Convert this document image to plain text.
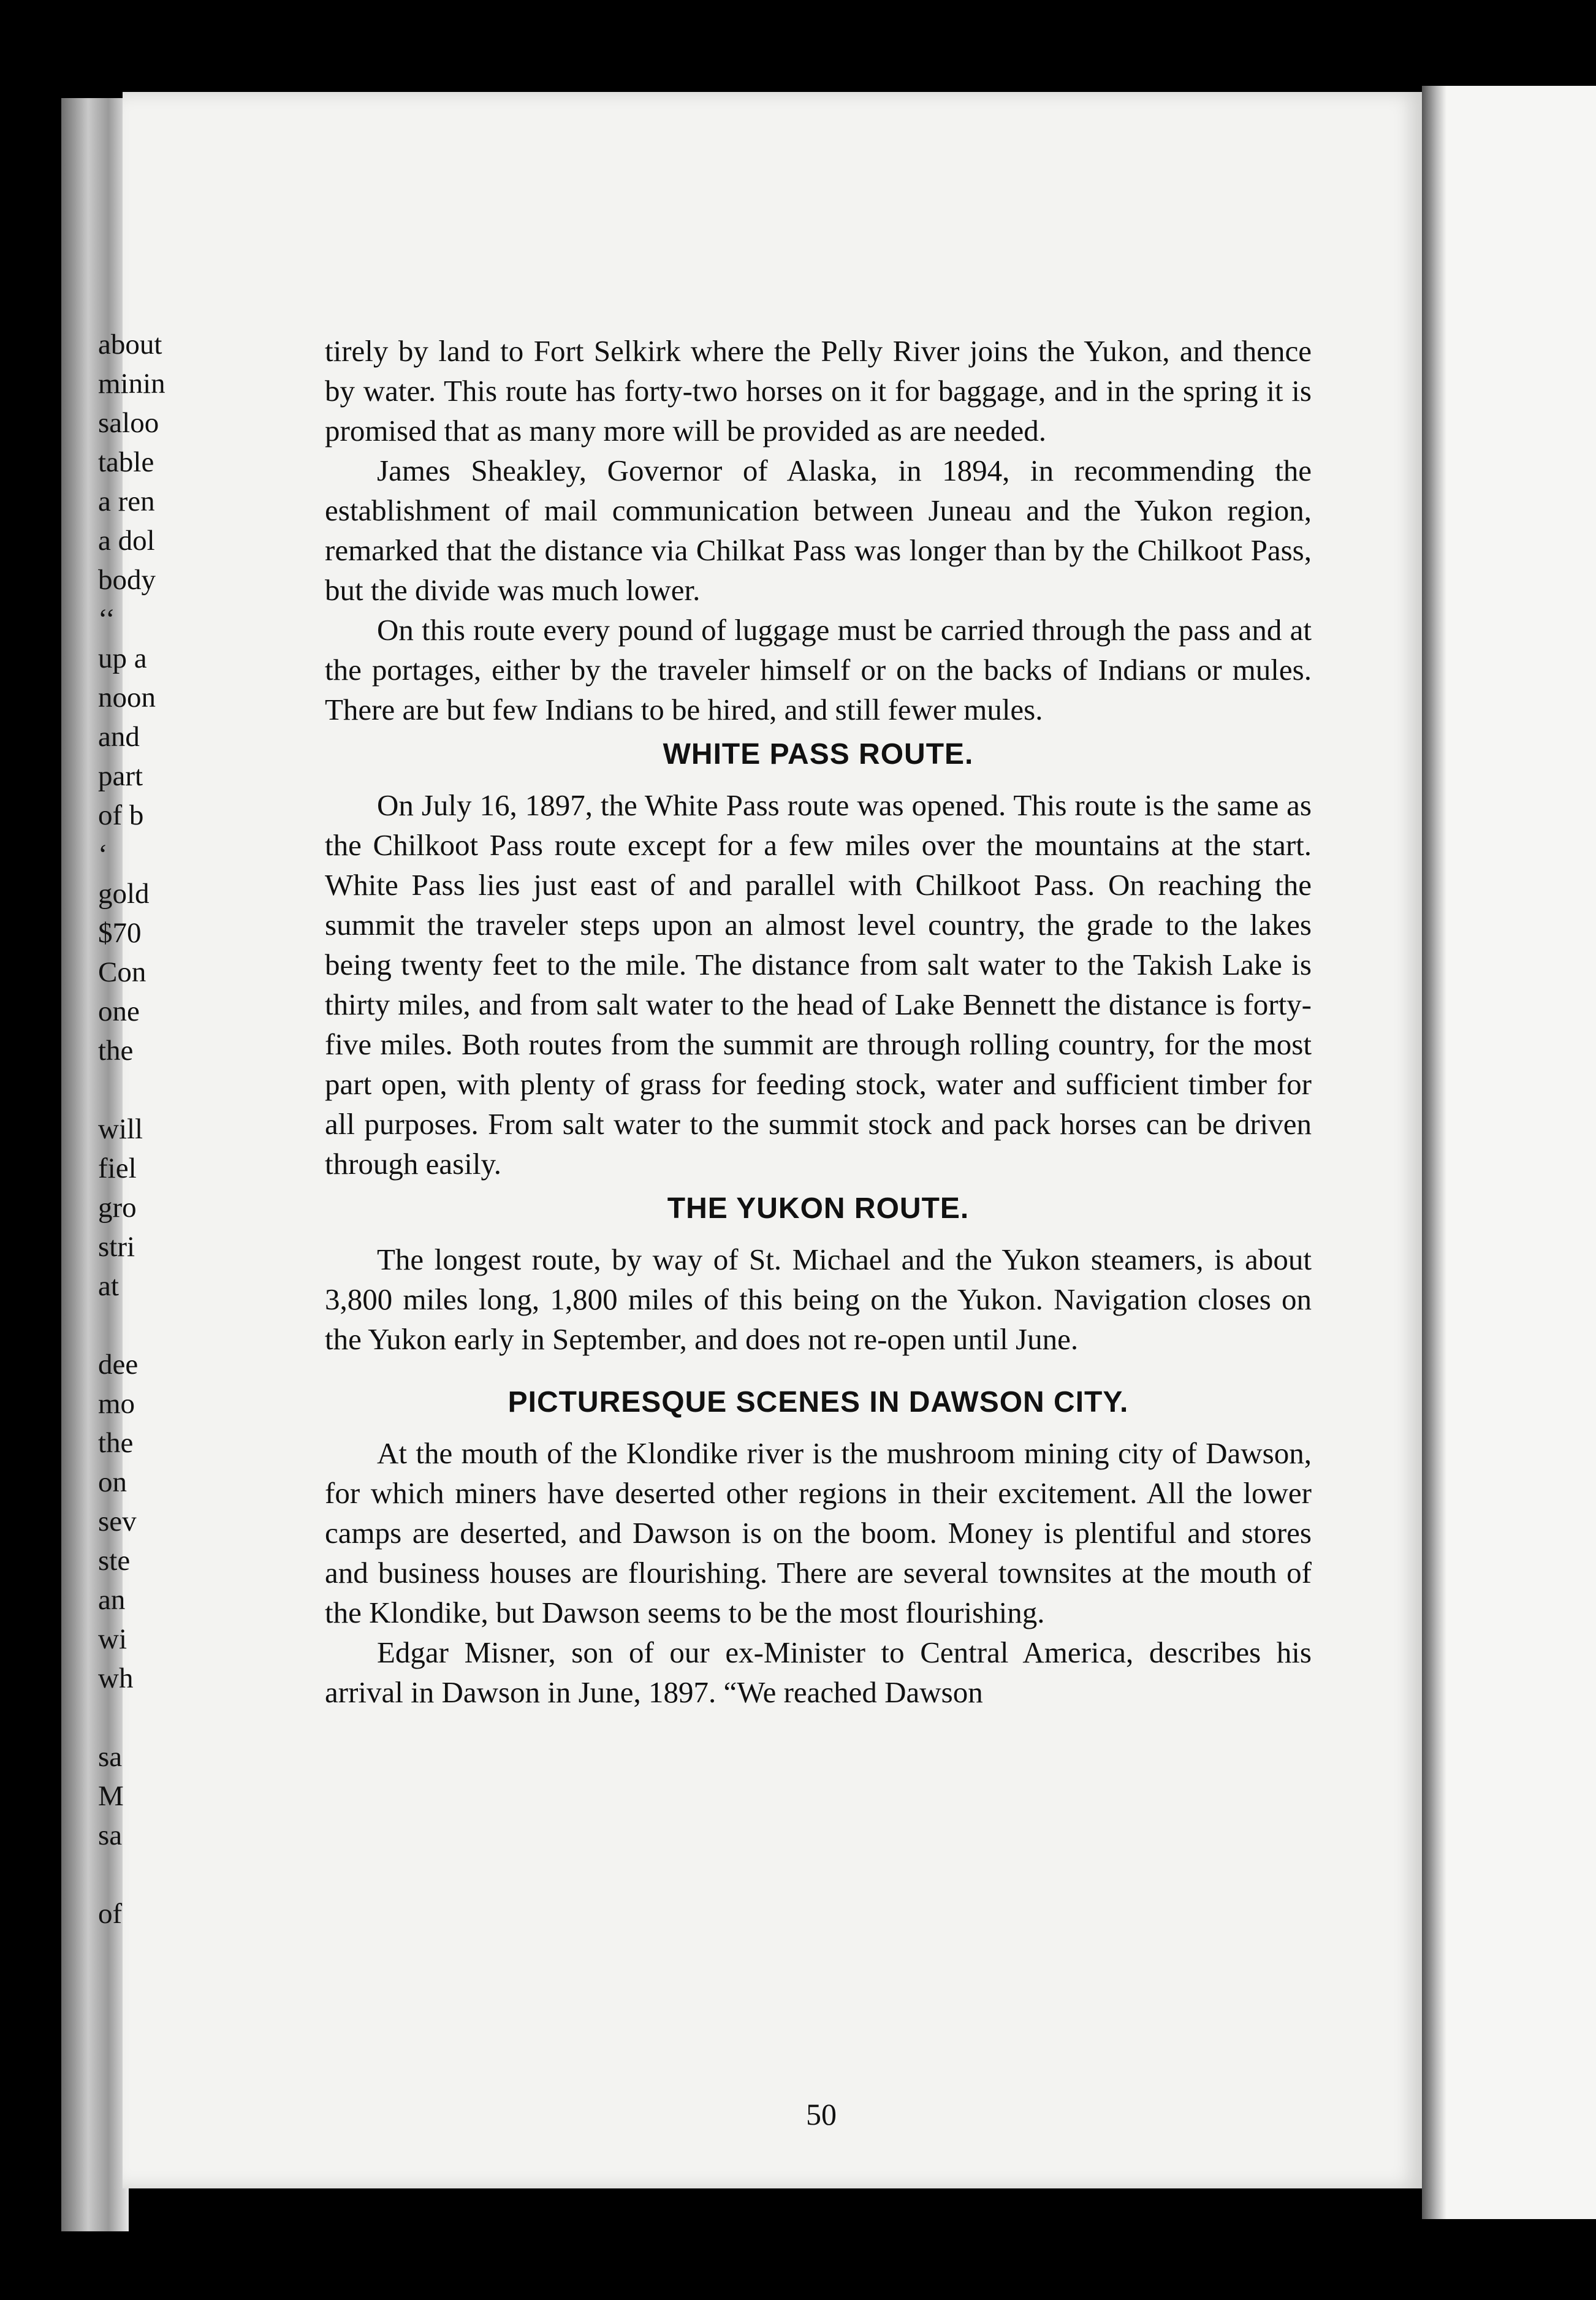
tirely by land to Fort Selkirk where the Pelly River joins the Yukon, and thence by water. This route has forty-two horses on it for baggage, and in the spring it is promised that as many more will be provided as are needed.

James Sheakley, Governor of Alaska, in 1894, in recommending the establishment of mail communication between Juneau and the Yukon region, remarked that the distance via Chilkat Pass was longer than by the Chilkoot Pass, but the divide was much lower.

On this route every pound of luggage must be carried through the pass and at the portages, either by the traveler himself or on the backs of Indians or mules. There are but few Indians to be hired, and still fewer mules.

WHITE PASS ROUTE.

On July 16, 1897, the White Pass route was opened. This route is the same as the Chilkoot Pass route except for a few miles over the mountains at the start. White Pass lies just east of and parallel with Chilkoot Pass. On reaching the summit the traveler steps upon an almost level country, the grade to the lakes being twenty feet to the mile. The distance from salt water to the Takish Lake is thirty miles, and from salt water to the head of Lake Bennett the distance is forty-five miles. Both routes from the summit are through rolling country, for the most part open, with plenty of grass for feeding stock, water and sufficient timber for all purposes. From salt water to the summit stock and pack horses can be driven through easily.

THE YUKON ROUTE.

The longest route, by way of St. Michael and the Yukon steamers, is about 3,800 miles long, 1,800 miles of this being on the Yukon. Navigation closes on the Yukon early in September, and does not re-open until June.

PICTURESQUE SCENES IN DAWSON CITY.

At the mouth of the Klondike river is the mushroom mining city of Dawson, for which miners have deserted other regions in their excitement. All the lower camps are deserted, and Dawson is on the boom. Money is plentiful and stores and business houses are flourishing. There are several townsites at the mouth of the Klondike, but Dawson seems to be the most flourishing.

Edgar Misner, son of our ex-Minister to Central America, describes his arrival in Dawson in June, 1897. “We reached Dawson

50
about
minin
saloo
table
a ren
a dol
body
‘‘
up a
noon
and
part
of b
‘
gold
$70
Con
one
the
will
fiel
gro
stri
at
dee
mo
the
on
sev
ste
an
wi
wh
sa
M
sa
of
